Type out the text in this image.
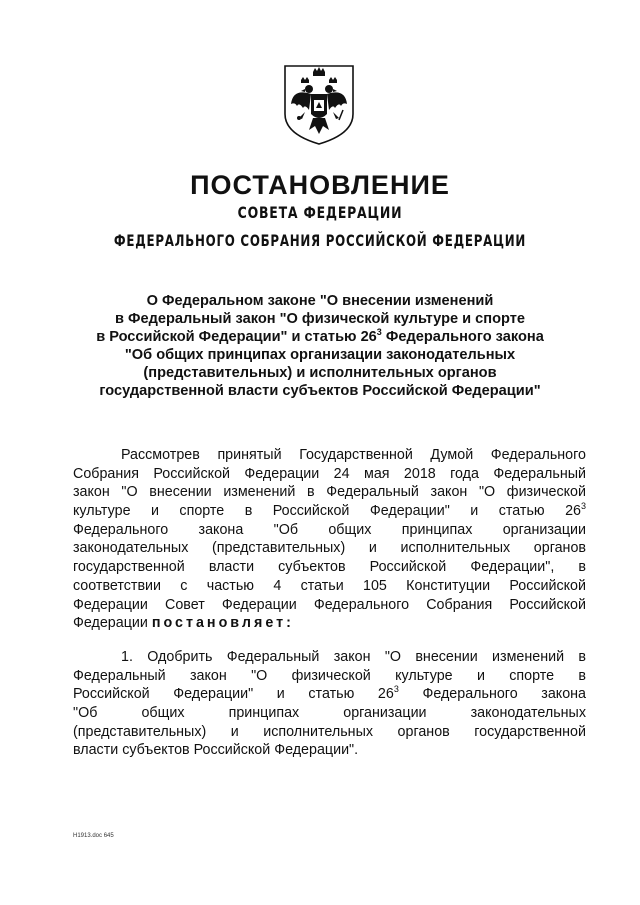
ПОСТАНОВЛЕНИЕ
СОВЕТА ФЕДЕРАЦИИ
ФЕДЕРАЛЬНОГО СОБРАНИЯ РОССИЙСКОЙ ФЕДЕРАЦИИ
О Федеральном законе "О внесении изменений
в Федеральный закон "О физической культуре и спорте
в Российской Федерации" и статью $26^3$ Федерального закона
"Об общих принципах организации законодательных
(представительных) и исполнительных органов
государственной власти субъектов Российской Федерации"
Рассмотрев принятый Государственной Думой Федерального
Собрания Российской Федерации 24 мая 2018 года Федеральный
закон "О внесении изменений в Федеральный закон "О физической
культуре и спорте в Российской Федерации" и статью $26^3$
Федерального закона "Об общих принципах организации
законодательных (представительных) и исполнительных органов
государственной власти субъектов Российской Федерации", в
соответствии с частью 4 статьи 105 Конституции Российской
Федерации Совет Федерации Федерального Собрания Российской
Федерации постановляет:
1. Одобрить Федеральный закон "О внесении изменений в
Федеральный закон "О физической культуре и спорте в
Российской Федерации" и статью $26^3$ Федерального закона
"Об общих принципах организации законодательных
(представительных) и исполнительных органов государственной
власти субъектов Российской Федерации".
Н1913.doc 645
